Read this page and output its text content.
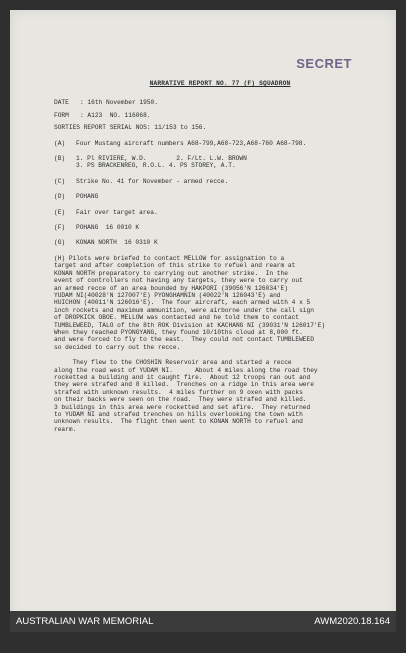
SECRET
NARRATIVE REPORT NO. 77 (F) SQUADRON
DATE   : 16th November 1950.
FORM   : A123  NO. 116068.
SORTIES REPORT SERIAL NOS: 11/153 to 156.
(A)	Four Mustang aircraft numbers A68-799,A68-723,A68-760 A68-798.
(B)	1. Pl RIVIERE, W.D.        2. F/Lt. L.W. BROWN
3. PS BRACKENREG, R.O.L. 4. PS STOREY, A.T.
(C)	Strike No. 41 for November - armed recce.
(D)	POHANG
(E)	Fair over target area.
(F)	POHANG  16 0010 K
(G)	KONAN NORTH  16 0310 K
(H) Pilots were briefed to contact MELLOW for assignation to a
target and after completion of this strike to refuel and rearm at
KONAN NORTH preparatory to carrying out another strike.  In the
event of controllers not having any targets, they were to carry out
an armed recce of an area bounded by HAKPORI (39056'N 126034'E)
YUDAM NI(40028'N 127007'E) PYONGHAMNIN (40022'N 126043'E) and
HUICHON (40011'N 126016'E).  The four aircraft, each armed with 4 x 5
inch rockets and maximum ammunition, were airborne under the call sign
of DROPKICK OBOE. MELLOW was contacted and he told them to contact
TUMBLEWEED, TALO of the 8th ROK Division at KACHANG NI (39031'N 126017'E)
When they reached PYONGYANG, they found 10/10ths cloud at 8,000 ft.
and were forced to fly to the east.  They could not contact TUMBLEWEED
so decided to carry out the recce.
They flew to the CHOSHIN Reservoir area and started a recce
along the road west of YUDAM NI.      About 4 miles along the road they
rocketted a building and it caught fire.  About 12 troops ran out and
they were strafed and 8 killed.  Trenches on a ridge in this area were
strafed with unknown results.  4 miles further on 9 oxen with packs
on their backs were seen on the road.  They were strafed and killed.
3 buildings in this area were rocketted and set afire.  They returned
to YUDAM NI and strafed trenches on hills overlooking the town with
unknown results.  The flight then went to KONAN NORTH to refuel and
rearm.
AUSTRALIAN WAR MEMORIAL	AWM2020.18.164
